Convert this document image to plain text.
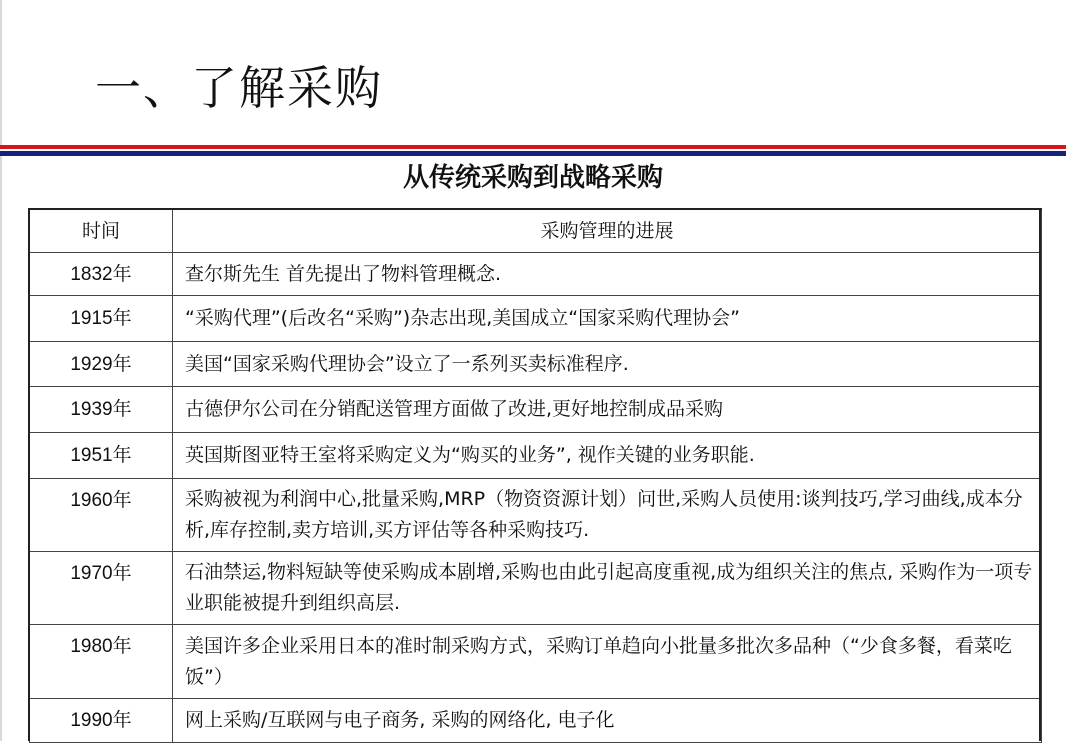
一、了解采购
从传统采购到战略采购
时间	采购管理的进展
1832年	查尔斯先生 首先提出了物料管理概念.
1915年	“采购代理”(后改名“采购”)杂志出现,美国成立“国家采购代理协会”
1929年	美国“国家采购代理协会”设立了一系列买卖标准程序.
1939年	古德伊尔公司在分销配送管理方面做了改进,更好地控制成品采购
1951年	英国斯图亚特王室将采购定义为“购买的业务”, 视作关键的业务职能.
1960年	采购被视为利润中心,批量采购,MRP（物资资源计划）问世,采购人员使用:谈判技巧,学习曲线,成本分析,库存控制,卖方培训,买方评估等各种采购技巧.
1970年	石油禁运,物料短缺等使采购成本剧增,采购也由此引起高度重视,成为组织关注的焦点, 采购作为一项专业职能被提升到组织高层.
1980年	美国许多企业采用日本的准时制采购方式，采购订单趋向小批量多批次多品种（“少食多餐，看菜吃饭”）
1990年	网上采购/互联网与电子商务, 采购的网络化, 电子化
